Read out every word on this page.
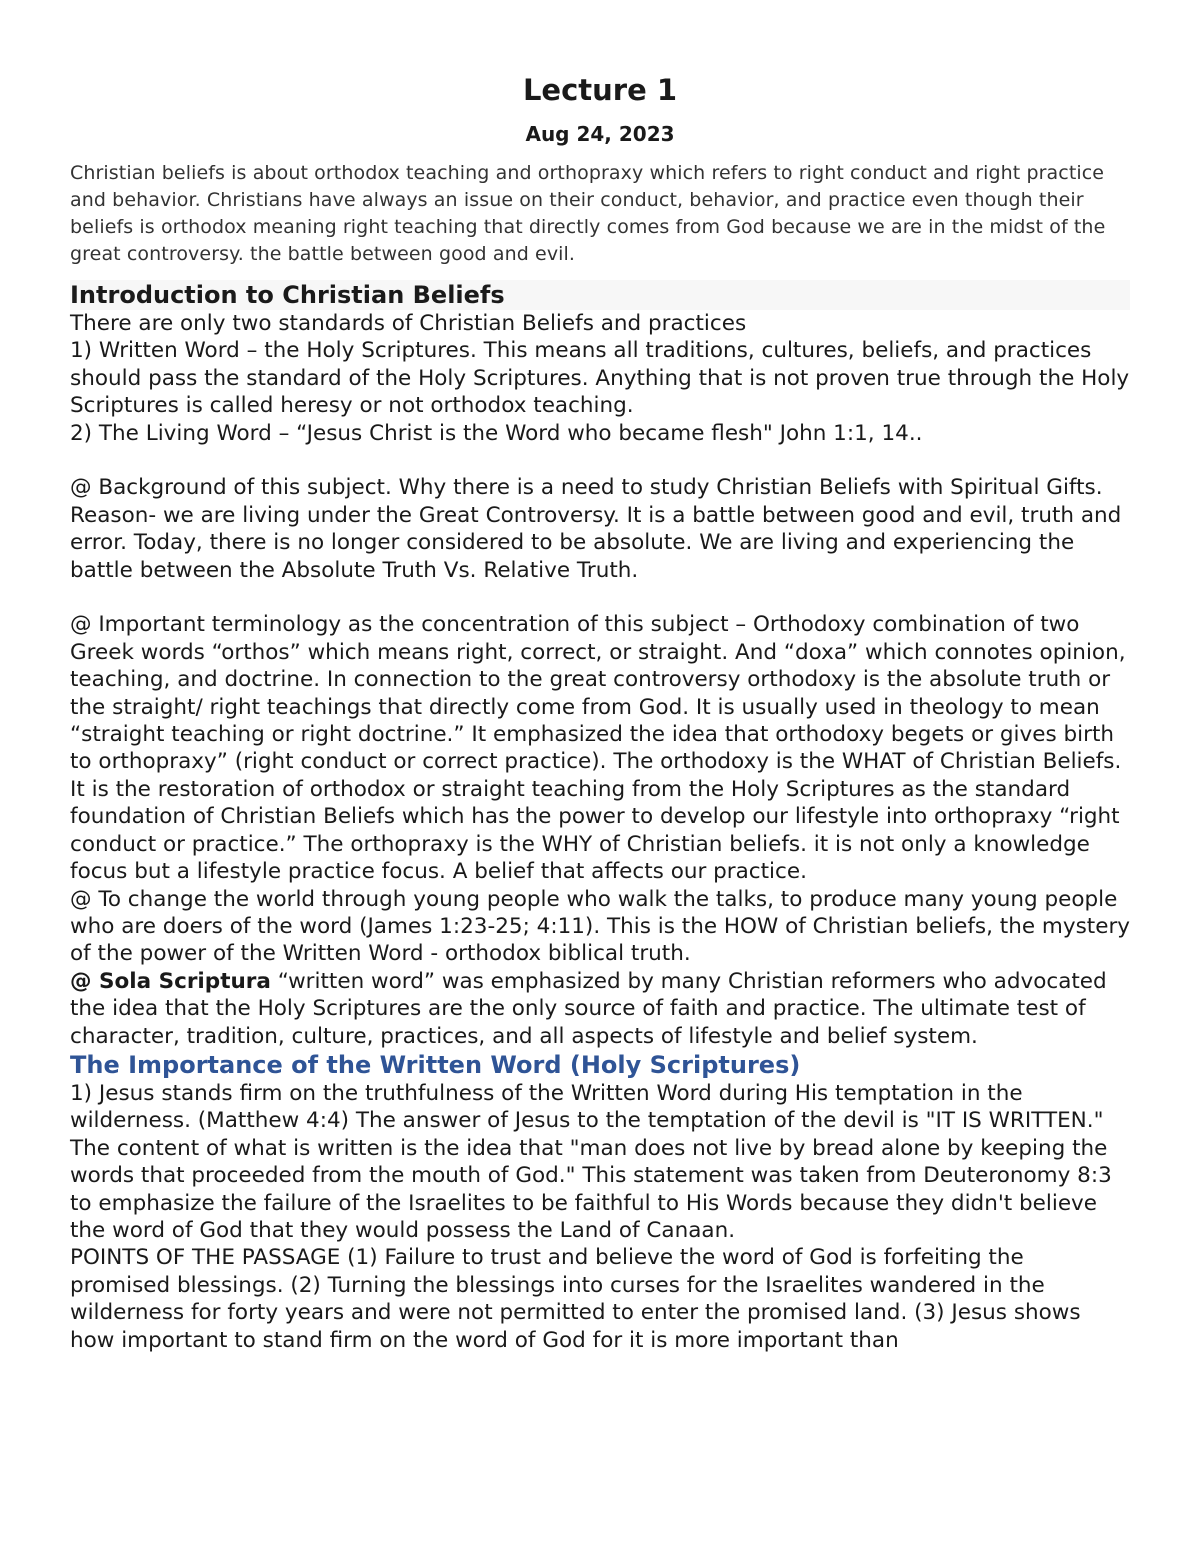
Lecture 1
Aug 24, 2023

Christian beliefs is about orthodox teaching and orthopraxy which refers to right conduct and right practice and behavior. Christians have always an issue on their conduct, behavior, and practice even though their beliefs is orthodox meaning right teaching that directly comes from God because we are in the midst of the great controversy. the battle between good and evil.

Introduction to Christian Beliefs

There are only two standards of Christian Beliefs and practices

1) Written Word – the Holy Scriptures. This means all traditions, cultures, beliefs, and practices should pass the standard of the Holy Scriptures. Anything that is not proven true through the Holy Scriptures is called heresy or not orthodox teaching.

2) The Living Word – “Jesus Christ is the Word who became flesh" John 1:1, 14..

@ Background of this subject. Why there is a need to study Christian Beliefs with Spiritual Gifts. Reason- we are living under the Great Controversy. It is a battle between good and evil, truth and error. Today, there is no longer considered to be absolute. We are living and experiencing the battle between the Absolute Truth Vs. Relative Truth.

@ Important terminology as the concentration of this subject – Orthodoxy combination of two Greek words “orthos” which means right, correct, or straight. And “doxa” which connotes opinion, teaching, and doctrine. In connection to the great controversy orthodoxy is the absolute truth or the straight/ right teachings that directly come from God. It is usually used in theology to mean “straight teaching or right doctrine.” It emphasized the idea that orthodoxy begets or gives birth to orthopraxy” (right conduct or correct practice). The orthodoxy is the WHAT of Christian Beliefs. It is the restoration of orthodox or straight teaching from the Holy Scriptures as the standard foundation of Christian Beliefs which has the power to develop our lifestyle into orthopraxy “right conduct or practice.” The orthopraxy is the WHY of Christian beliefs. it is not only a knowledge focus but a lifestyle practice focus. A belief that affects our practice.

@ To change the world through young people who walk the talks, to produce many young people who are doers of the word (James 1:23-25; 4:11). This is the HOW of Christian beliefs, the mystery of the power of the Written Word - orthodox biblical truth.

@ Sola Scriptura “written word” was emphasized by many Christian reformers who advocated the idea that the Holy Scriptures are the only source of faith and practice. The ultimate test of character, tradition, culture, practices, and all aspects of lifestyle and belief system.

The Importance of the Written Word (Holy Scriptures)

1) Jesus stands firm on the truthfulness of the Written Word during His temptation in the wilderness. (Matthew 4:4) The answer of Jesus to the temptation of the devil is "IT IS WRITTEN." The content of what is written is the idea that "man does not live by bread alone by keeping the words that proceeded from the mouth of God." This statement was taken from Deuteronomy 8:3 to emphasize the failure of the Israelites to be faithful to His Words because they didn't believe the word of God that they would possess the Land of Canaan.

POINTS OF THE PASSAGE (1) Failure to trust and believe the word of God is forfeiting the promised blessings. (2) Turning the blessings into curses for the Israelites wandered in the wilderness for forty years and were not permitted to enter the promised land. (3) Jesus shows how important to stand firm on the word of God for it is more important than
